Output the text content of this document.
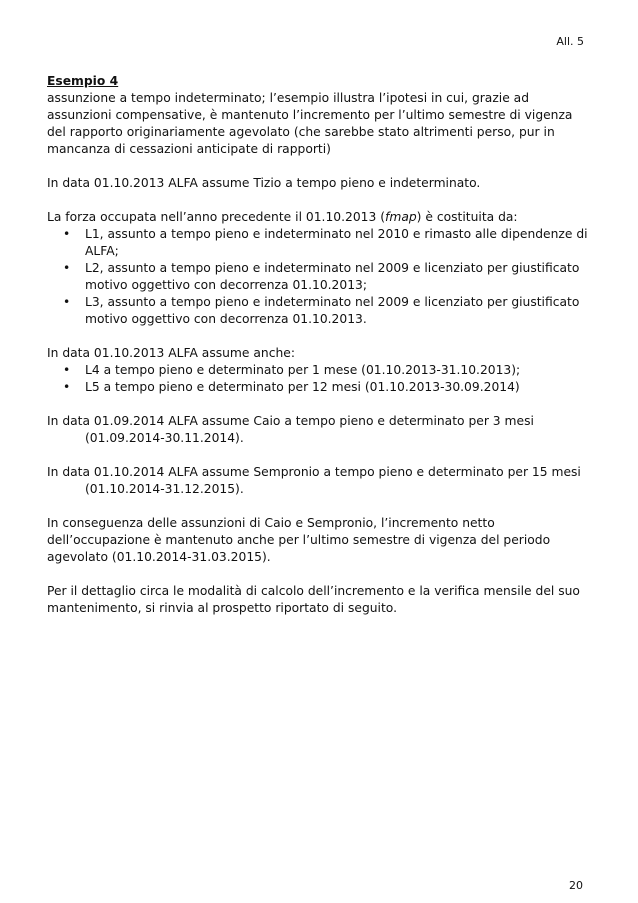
All. 5
Esempio 4

assunzione a tempo indeterminato; l’esempio illustra l’ipotesi in cui, grazie ad assunzioni compensative, è mantenuto l’incremento per l’ultimo semestre di vigenza del rapporto originariamente agevolato (che sarebbe stato altrimenti perso, pur in mancanza di cessazioni anticipate di rapporti)

In data 01.10.2013 ALFA assume Tizio a tempo pieno e indeterminato.

La forza occupata nell’anno precedente il 01.10.2013 (fmap) è costituita da:
• L1, assunto a tempo pieno e indeterminato nel 2010 e rimasto alle dipendenze di ALFA;
• L2, assunto a tempo pieno e indeterminato nel 2009 e licenziato per giustificato motivo oggettivo con decorrenza 01.10.2013;
• L3, assunto a tempo pieno e indeterminato nel 2009 e licenziato per giustificato motivo oggettivo con decorrenza 01.10.2013.
In data 01.10.2013 ALFA assume anche:
• L4 a tempo pieno e determinato per 1 mese (01.10.2013-31.10.2013);
• L5 a tempo pieno e determinato per 12 mesi (01.10.2013-30.09.2014)

In data 01.09.2014 ALFA assume Caio a tempo pieno e determinato per 3 mesi (01.09.2014-30.11.2014).

In data 01.10.2014 ALFA assume Sempronio a tempo pieno e determinato per 15 mesi (01.10.2014-31.12.2015).

In conseguenza delle assunzioni di Caio e Sempronio, l’incremento netto dell’occupazione è mantenuto anche per l’ultimo semestre di vigenza del periodo agevolato (01.10.2014-31.03.2015).

Per il dettaglio circa le modalità di calcolo dell’incremento e la verifica mensile del suo mantenimento, si rinvia al prospetto riportato di seguito.

20
